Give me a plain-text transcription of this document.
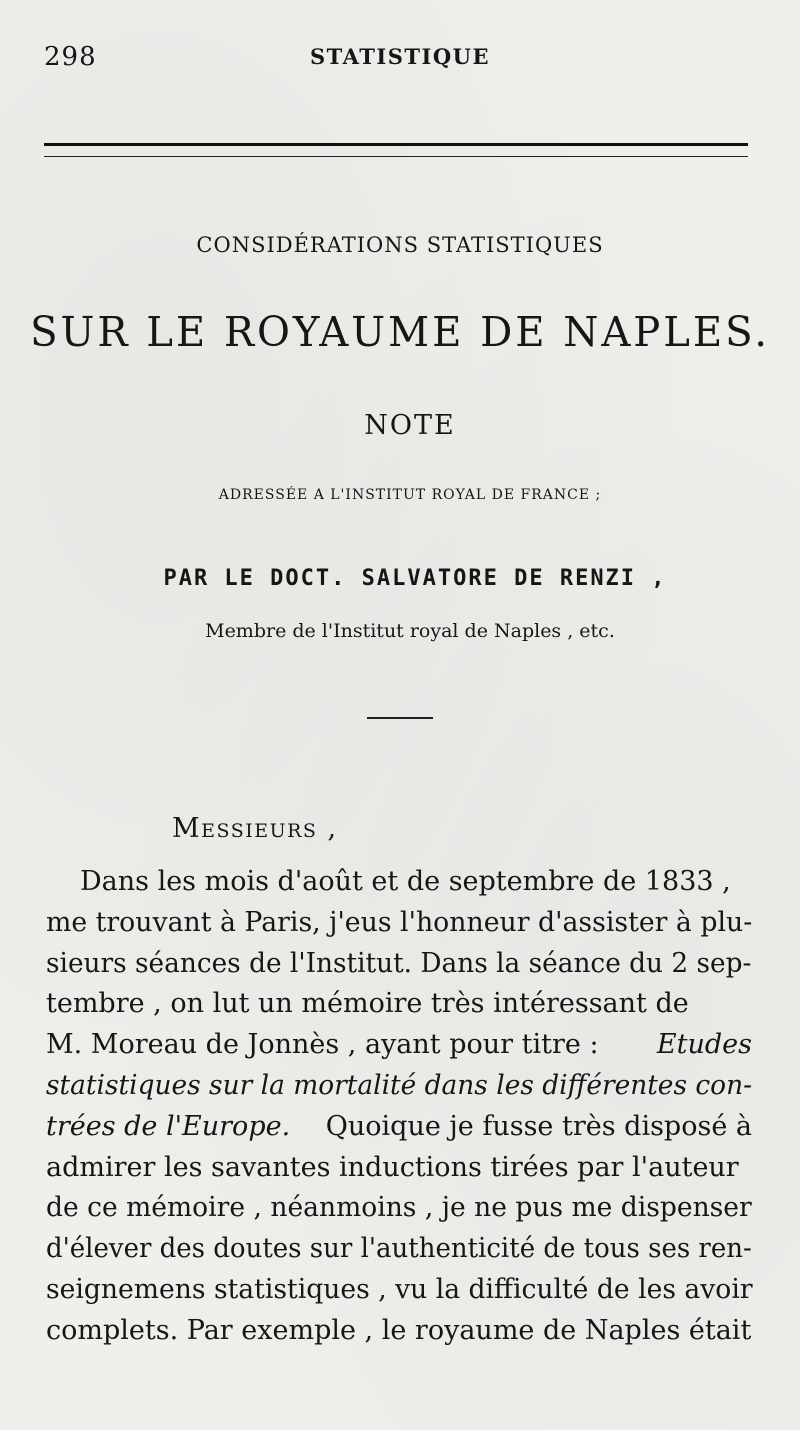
298	STATISTIQUE
CONSIDÉRATIONS STATISTIQUES
SUR LE ROYAUME DE NAPLES.
NOTE
ADRESSÉE A L'INSTITUT ROYAL DE FRANCE ;
PAR LE DOCT. SALVATORE DE RENZI ,
Membre de l'Institut royal de Naples , etc.
Messieurs ,
Dans les mois d'août et de septembre de 1833 ,
me trouvant à Paris, j'eus l'honneur d'assister à plu-
sieurs séances de l'Institut. Dans la séance du 2 sep-
tembre , on lut un mémoire très intéressant de
M. Moreau de Jonnès , ayant pour titre : Etudes
statistiques sur la mortalité dans les différentes con-
trées de l'Europe. Quoique je fusse très disposé à
admirer les savantes inductions tirées par l'auteur
de ce mémoire , néanmoins , je ne pus me dispenser
d'élever des doutes sur l'authenticité de tous ses ren-
seignemens statistiques , vu la difficulté de les avoir
complets. Par exemple , le royaume de Naples était
